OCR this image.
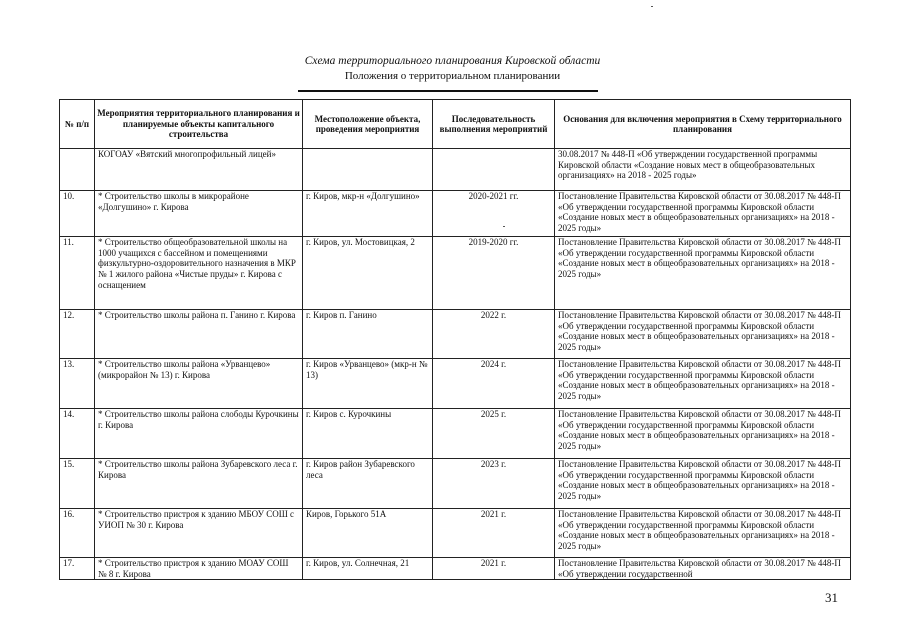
Схема территориального планирования Кировской области
Положения о территориальном планировании
№ п/п	Мероприятия территориального планирования и планируемые объекты капитального строительства	Местоположение объекта, проведения мероприятия	Последовательность выполнения мероприятий	Основания для включения мероприятия в Схему территориального планирования
	КОГОАУ «Вятский многопрофильный лицей»			30.08.2017 № 448-П «Об утверждении государственной программы Кировской области «Создание новых мест в общеобразовательных организациях» на 2018 - 2025 годы»
10.	* Строительство школы в микрорайоне «Долгушино» г. Кирова	г. Киров, мкр-н «Долгушино»	2020-2021 гг.	Постановление Правительства Кировской области от 30.08.2017 № 448-П «Об утверждении государственной программы Кировской области «Создание новых мест в общеобразовательных организациях» на 2018 - 2025 годы»
11.	* Строительство общеобразовательной школы на 1000 учащихся с бассейном и помещениями физкультурно-оздоровительного назначения в МКР № 1 жилого района «Чистые пруды» г. Кирова с оснащением	г. Киров, ул. Мостовицкая, 2	2019-2020 гг.	Постановление Правительства Кировской области от 30.08.2017 № 448-П «Об утверждении государственной программы Кировской области «Создание новых мест в общеобразовательных организациях» на 2018 - 2025 годы»
12.	* Строительство школы района п. Ганино г. Кирова	г. Киров п. Ганино	2022 г.	Постановление Правительства Кировской области от 30.08.2017 № 448-П «Об утверждении государственной программы Кировской области «Создание новых мест в общеобразовательных организациях» на 2018 - 2025 годы»
13.	* Строительство школы района «Урванцево» (микрорайон № 13) г. Кирова	г. Киров «Урванцево» (мкр-н № 13)	2024 г.	Постановление Правительства Кировской области от 30.08.2017 № 448-П «Об утверждении государственной программы Кировской области «Создание новых мест в общеобразовательных организациях» на 2018 - 2025 годы»
14.	* Строительство школы района слободы Курочкины г. Кирова	г. Киров с. Курочкины	2025 г.	Постановление Правительства Кировской области от 30.08.2017 № 448-П «Об утверждении государственной программы Кировской области «Создание новых мест в общеобразовательных организациях» на 2018 - 2025 годы»
15.	* Строительство школы района Зубаревского леса г. Кирова	г. Киров район Зубаревского леса	2023 г.	Постановление Правительства Кировской области от 30.08.2017 № 448-П «Об утверждении государственной программы Кировской области «Создание новых мест в общеобразовательных организациях» на 2018 - 2025 годы»
16.	* Строительство пристроя к зданию МБОУ СОШ с УИОП № 30 г. Кирова	Киров, Горького 51А	2021 г.	Постановление Правительства Кировской области от 30.08.2017 № 448-П «Об утверждении государственной программы Кировской области «Создание новых мест в общеобразовательных организациях» на 2018 - 2025 годы»
17.	* Строительство пристроя к зданию МОАУ СОШ № 8 г. Кирова	г. Киров, ул. Солнечная, 21	2021 г.	Постановление Правительства Кировской области от 30.08.2017 № 448-П «Об утверждении государственной
31
